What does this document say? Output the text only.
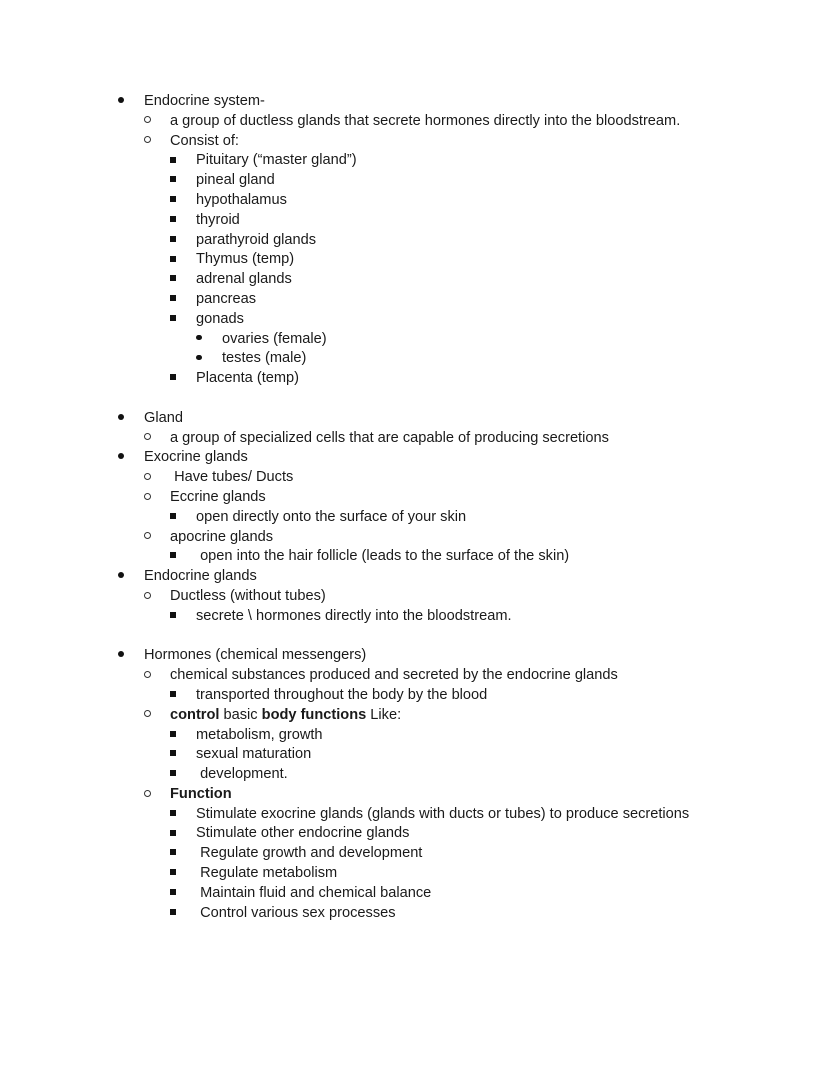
Endocrine system-
a group of ductless glands that secrete hormones directly into the bloodstream.
Consist of:
Pituitary (“master gland”)
pineal gland
hypothalamus
thyroid
parathyroid glands
Thymus (temp)
adrenal glands
pancreas
gonads
ovaries (female)
testes (male)
Placenta (temp)
Gland
a group of specialized cells that are capable of producing secretions
Exocrine glands
Have tubes/ Ducts
Eccrine glands
open directly onto the surface of your skin
apocrine glands
open into the hair follicle (leads to the surface of the skin)
Endocrine glands
Ductless (without tubes)
secrete \ hormones directly into the bloodstream.
Hormones (chemical messengers)
chemical substances produced and secreted by the endocrine glands
transported throughout the body by the blood
control basic body functions Like:
metabolism, growth
sexual maturation
development.
Function
Stimulate exocrine glands (glands with ducts or tubes) to produce secretions
Stimulate other endocrine glands
Regulate growth and development
Regulate metabolism
Maintain fluid and chemical balance
Control various sex processes
